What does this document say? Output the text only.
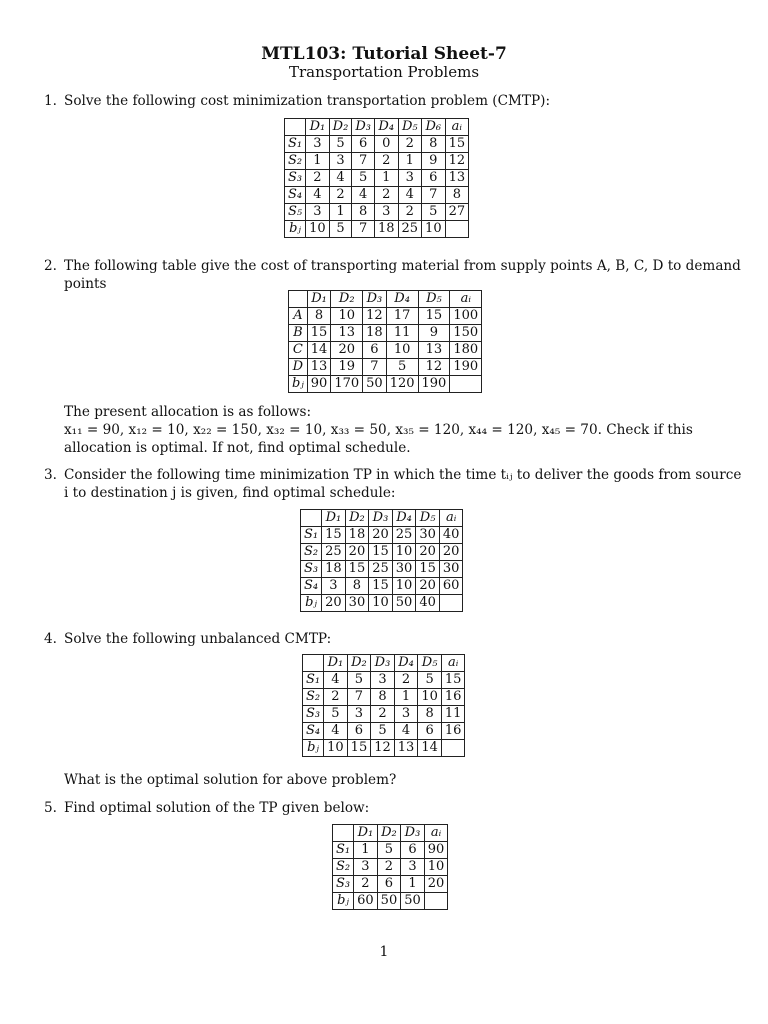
MTL103: Tutorial Sheet-7
Transportation Problems
1. Solve the following cost minimization transportation problem (CMTP):
	D₁	D₂	D₃	D₄	D₅	D₆	aᵢ
S₁	3	5	6	0	2	8	15
S₂	1	3	7	2	1	9	12
S₃	2	4	5	1	3	6	13
S₄	4	2	4	2	4	7	8
S₅	3	1	8	3	2	5	27
bⱼ	10	5	7	18	25	10	
2. The following table give the cost of transporting material from supply points A, B, C, D to demand points
	D₁	D₂	D₃	D₄	D₅	aᵢ
A	8	10	12	17	15	100
B	15	13	18	11	9	150
C	14	20	6	10	13	180
D	13	19	7	5	12	190
bⱼ	90	170	50	120	190	
The present allocation is as follows:
x₁₁ = 90, x₁₂ = 10, x₂₂ = 150, x₃₂ = 10, x₃₃ = 50, x₃₅ = 120, x₄₄ = 120, x₄₅ = 70. Check if this allocation is optimal. If not, find optimal schedule.
3. Consider the following time minimization TP in which the time tᵢⱼ to deliver the goods from source i to destination j is given, find optimal schedule:
	D₁	D₂	D₃	D₄	D₅	aᵢ
S₁	15	18	20	25	30	40
S₂	25	20	15	10	20	20
S₃	18	15	25	30	15	30
S₄	3	8	15	10	20	60
bⱼ	20	30	10	50	40	
4. Solve the following unbalanced CMTP:
	D₁	D₂	D₃	D₄	D₅	aᵢ
S₁	4	5	3	2	5	15
S₂	2	7	8	1	10	16
S₃	5	3	2	3	8	11
S₄	4	6	5	4	6	16
bⱼ	10	15	12	13	14	
What is the optimal solution for above problem?
5. Find optimal solution of the TP given below:
	D₁	D₂	D₃	aᵢ
S₁	1	5	6	90
S₂	3	2	3	10
S₃	2	6	1	20
bⱼ	60	50	50	
1
